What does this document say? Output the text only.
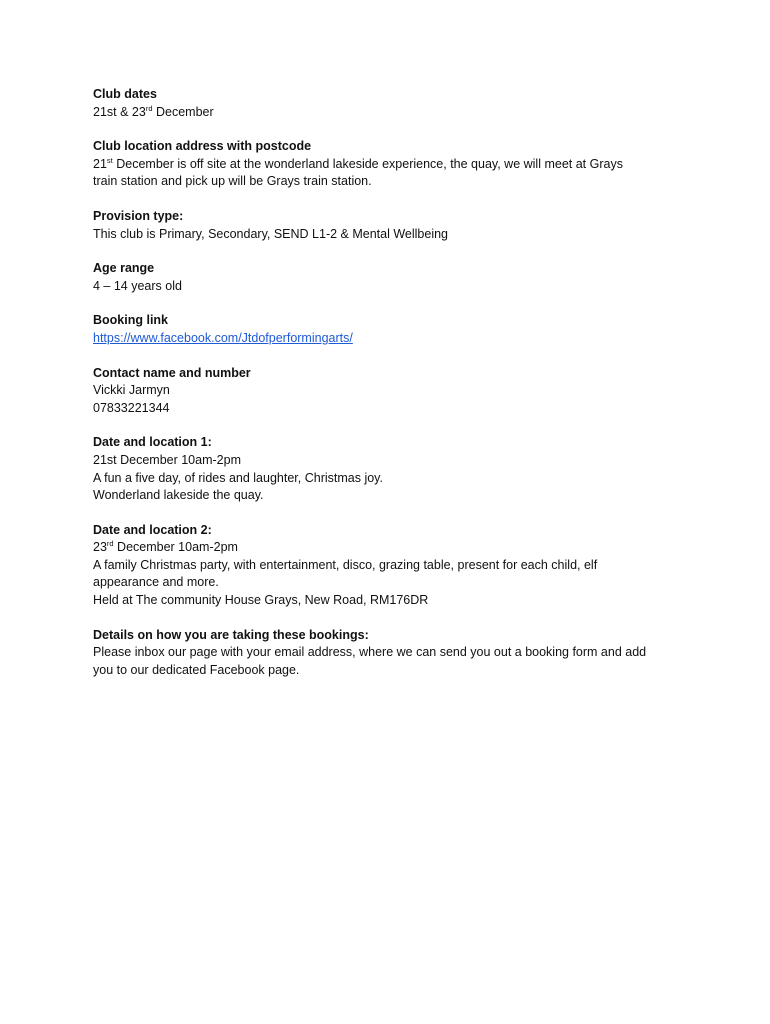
Club dates
21st & 23rd December
Club location address with postcode
21st December is off site at the wonderland lakeside experience, the quay, we will meet at Grays
train station and pick up will be Grays train station.
Provision type:
This club is Primary, Secondary, SEND L1-2 & Mental Wellbeing
Age range
4 – 14 years old
Booking link
https://www.facebook.com/Jtdofperformingarts/
Contact name and number
Vickki Jarmyn
07833221344
Date and location 1:
21st December 10am-2pm
A fun a five day, of rides and laughter, Christmas joy.
Wonderland lakeside the quay.
Date and location 2:
23rd December 10am-2pm
A family Christmas party, with entertainment, disco, grazing table, present for each child, elf
appearance and more.
Held at The community House Grays, New Road, RM176DR
Details on how you are taking these bookings:
Please inbox our page with your email address, where we can send you out a booking form and add
you to our dedicated Facebook page.
